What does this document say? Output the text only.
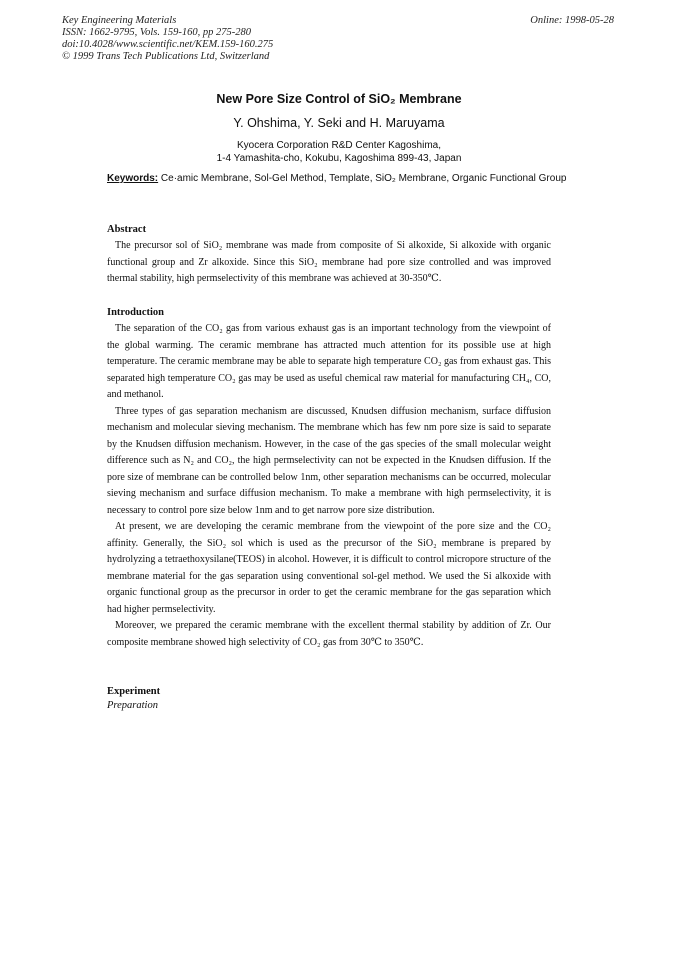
Key Engineering Materials
ISSN: 1662-9795, Vols. 159-160, pp 275-280
doi:10.4028/www.scientific.net/KEM.159-160.275
© 1999 Trans Tech Publications Ltd, Switzerland
Online: 1998-05-28
New Pore Size Control of SiO₂ Membrane
Y. Ohshima, Y. Seki and H. Maruyama
Kyocera Corporation R&D Center Kagoshima,
1-4 Yamashita-cho, Kokubu, Kagoshima 899-43, Japan
Keywords: Ce·amic Membrane, Sol-Gel Method, Template, SiO₂ Membrane, Organic Functional Group
Abstract

The precursor sol of SiO₂ membrane was made from composite of Si alkoxide, Si alkoxide with organic functional group and Zr alkoxide. Since this SiO₂ membrane had pore size controlled and was improved thermal stability, high permselectivity of this membrane was achieved at 30-350℃.

Introduction

The separation of the CO₂ gas from various exhaust gas is an important technology from the viewpoint of the global warming. The ceramic membrane has attracted much attention for its possible use at high temperature. The ceramic membrane may be able to separate high temperature CO₂ gas from exhaust gas. This separated high temperature CO₂ gas may be used as useful chemical raw material for manufacturing CH₄, CO, and methanol.

Three types of gas separation mechanism are discussed, Knudsen diffusion mechanism, surface diffusion mechanism and molecular sieving mechanism. The membrane which has few nm pore size is said to separate by the Knudsen diffusion mechanism. However, in the case of the gas species of the small molecular weight difference such as N₂ and CO₂, the high permselectivity can not be expected in the Knudsen diffusion. If the pore size of membrane can be controlled below 1nm, other separation mechanisms can be occurred, molecular sieving mechanism and surface diffusion mechanism. To make a membrane with high permselectivity, it is necessary to control pore size below 1nm and to get narrow pore size distribution.

At present, we are developing the ceramic membrane from the viewpoint of the pore size and the CO₂ affinity. Generally, the SiO₂ sol which is used as the precursor of the SiO₂ membrane is prepared by hydrolyzing a tetraethoxysilane(TEOS) in alcohol. However, it is difficult to control micropore structure of the membrane material for the gas separation using conventional sol-gel method. We used the Si alkoxide with organic functional group as the precursor in order to get the ceramic membrane for the gas separation which had higher permselectivity.

Moreover, we prepared the ceramic membrane with the excellent thermal stability by addition of Zr. Our composite membrane showed high selectivity of CO₂ gas from 30℃ to 350℃.

Experiment
Preparation
